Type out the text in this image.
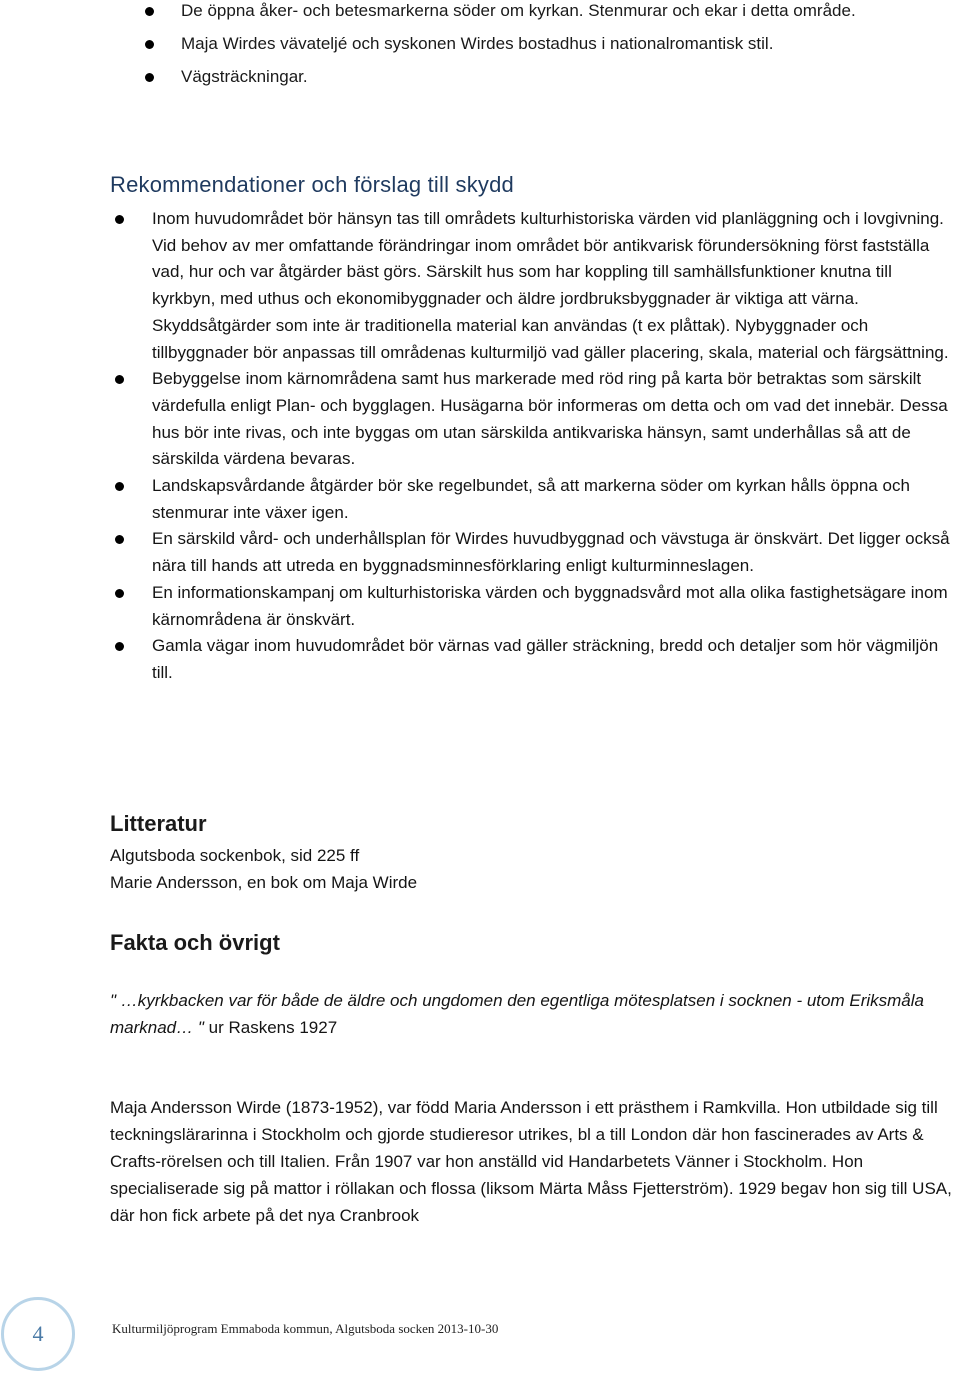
De öppna åker- och betesmarkerna söder om kyrkan. Stenmurar och ekar i detta område.
Maja Wirdes vävateljé och syskonen Wirdes bostadhus i nationalromantisk stil.
Vägsträckningar.
Rekommendationer och förslag till skydd
Inom huvudområdet bör hänsyn tas till områdets kulturhistoriska värden vid planläggning och i lovgivning. Vid behov av mer omfattande förändringar inom området bör antikvarisk förundersökning först fastställa vad, hur och var åtgärder bäst görs. Särskilt hus som har koppling till samhällsfunktioner knutna till kyrkbyn, med uthus och ekonomibyggnader och äldre jordbruksbyggnader är viktiga att värna. Skyddsåtgärder som inte är traditionella material kan användas (t ex plåttak). Nybyggnader och tillbyggnader bör anpassas till områdenas kulturmiljö vad gäller placering, skala, material och färgsättning.
Bebyggelse inom kärnområdena samt hus markerade med röd ring på karta bör betraktas som särskilt värdefulla enligt Plan- och bygglagen. Husägarna bör informeras om detta och om vad det innebär. Dessa hus bör inte rivas, och inte byggas om utan särskilda antikvariska hänsyn, samt underhållas så att de särskilda värdena bevaras.
Landskapsvårdande åtgärder bör ske regelbundet, så att markerna söder om kyrkan hålls öppna och stenmurar inte växer igen.
En särskild vård- och underhållsplan för Wirdes huvudbyggnad och vävstuga är önskvärt. Det ligger också nära till hands att utreda en byggnadsminnesförklaring enligt kulturminneslagen.
En informationskampanj om kulturhistoriska värden och byggnadsvård mot alla olika fastighetsägare inom kärnområdena är önskvärt.
Gamla vägar inom huvudområdet bör värnas vad gäller sträckning, bredd och detaljer som hör vägmiljön till.
Litteratur
Algutsboda sockenbok, sid 225 ff
Marie Andersson, en bok om Maja Wirde
Fakta och övrigt
" …kyrkbacken var för både de äldre och ungdomen den egentliga mötesplatsen i socknen - utom Eriksmåla marknad… " ur Raskens 1927
Maja Andersson Wirde (1873-1952), var född Maria Andersson i ett prästhem i Ramkvilla. Hon utbildade sig till teckningslärarinna i Stockholm och gjorde studieresor utrikes, bl a till London där hon fascinerades av Arts & Crafts-rörelsen och till Italien. Från 1907 var hon anställd vid Handarbetets Vänner i Stockholm. Hon specialiserade sig på mattor i röllakan och flossa (liksom Märta Måss Fjetterström). 1929 begav hon sig till USA, där hon fick arbete på det nya Cranbrook
4	Kulturmiljöprogram Emmaboda kommun, Algutsboda socken 2013-10-30
